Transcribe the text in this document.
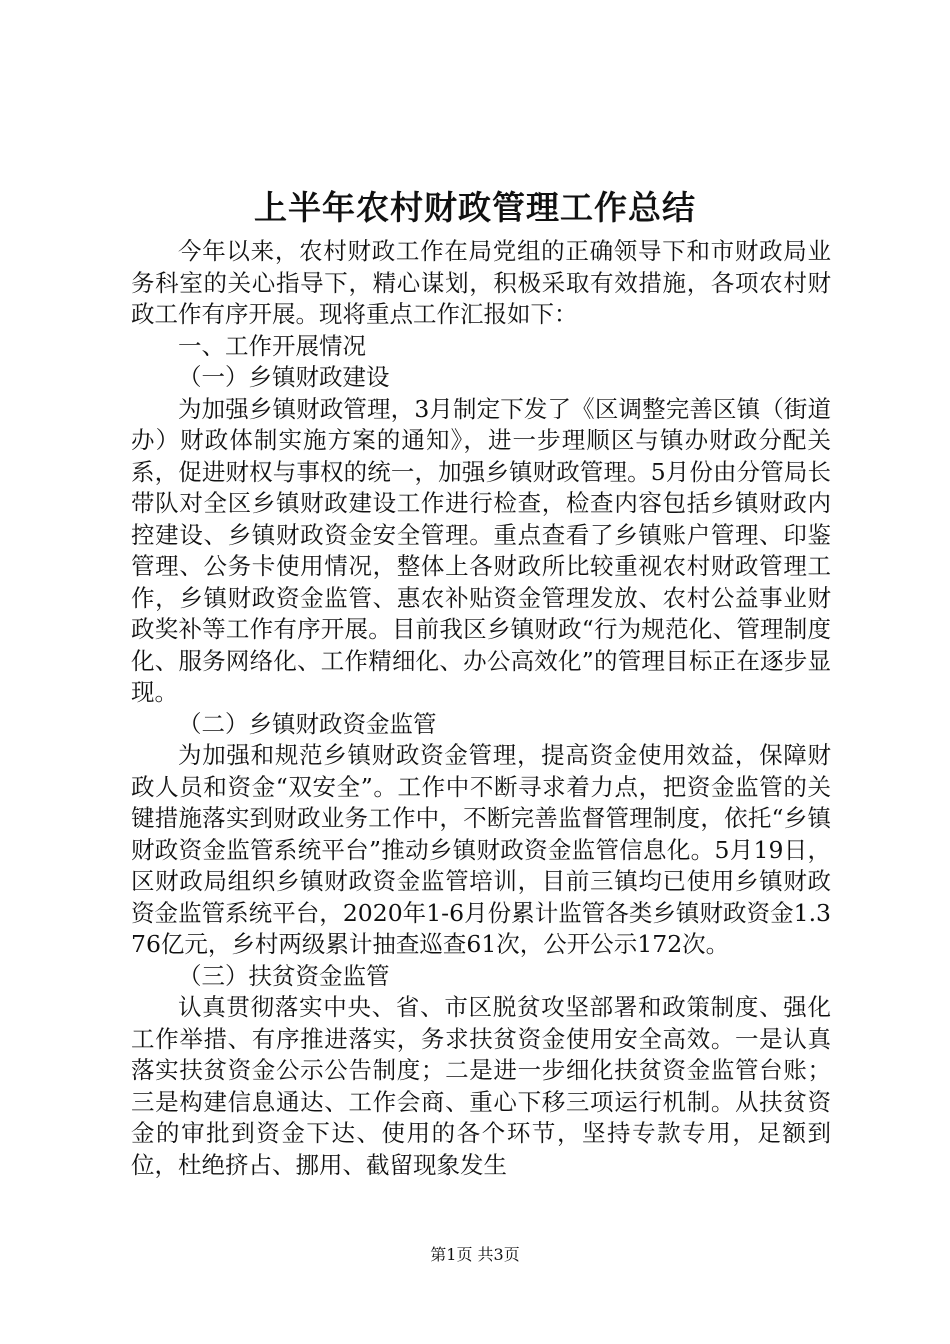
上半年农村财政管理工作总结

今年以来，农村财政工作在局党组的正确领导下和市财政局业务科室的关心指导下，精心谋划，积极采取有效措施，各项农村财政工作有序开展。现将重点工作汇报如下：

一、工作开展情况

（一）乡镇财政建设

为加强乡镇财政管理，3月制定下发了《区调整完善区镇（街道办）财政体制实施方案的通知》，进一步理顺区与镇办财政分配关系，促进财权与事权的统一，加强乡镇财政管理。5月份由分管局长带队对全区乡镇财政建设工作进行检查，检查内容包括乡镇财政内控建设、乡镇财政资金安全管理。重点查看了乡镇账户管理、印鉴管理、公务卡使用情况，整体上各财政所比较重视农村财政管理工作，乡镇财政资金监管、惠农补贴资金管理发放、农村公益事业财政奖补等工作有序开展。目前我区乡镇财政“行为规范化、管理制度化、服务网络化、工作精细化、办公高效化”的管理目标正在逐步显现。

（二）乡镇财政资金监管

为加强和规范乡镇财政资金管理，提高资金使用效益，保障财政人员和资金“双安全”。工作中不断寻求着力点，把资金监管的关键措施落实到财政业务工作中，不断完善监督管理制度，依托“乡镇财政资金监管系统平台”推动乡镇财政资金监管信息化。5月19日，区财政局组织乡镇财政资金监管培训，目前三镇均已使用乡镇财政资金监管系统平台，2020年1-6月份累计监管各类乡镇财政资金1.376亿元，乡村两级累计抽查巡查61次，公开公示172次。

（三）扶贫资金监管

认真贯彻落实中央、省、市区脱贫攻坚部署和政策制度、强化工作举措、有序推进落实，务求扶贫资金使用安全高效。一是认真落实扶贫资金公示公告制度；二是进一步细化扶贫资金监管台账；三是构建信息通达、工作会商、重心下移三项运行机制。从扶贫资金的审批到资金下达、使用的各个环节，坚持专款专用，足额到位，杜绝挤占、挪用、截留现象发生

第1页 共3页
